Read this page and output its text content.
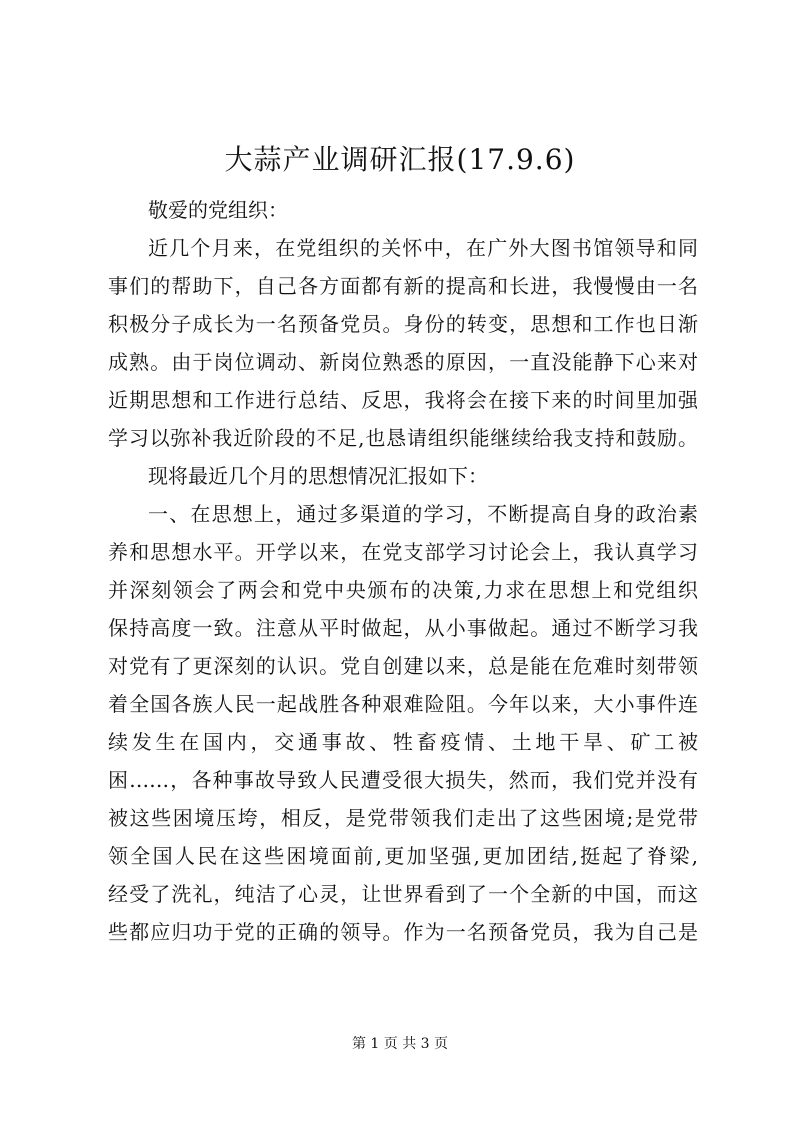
大蒜产业调研汇报(17.9.6)
敬爱的党组织：
近几个月来，在党组织的关怀中，在广外大图书馆领导和同
事们的帮助下，自己各方面都有新的提高和长进，我慢慢由一名
积极分子成长为一名预备党员。身份的转变，思想和工作也日渐
成熟。由于岗位调动、新岗位熟悉的原因，一直没能静下心来对
近期思想和工作进行总结、反思，我将会在接下来的时间里加强
学习以弥补我近阶段的不足,也恳请组织能继续给我支持和鼓励。
现将最近几个月的思想情况汇报如下：
一、在思想上，通过多渠道的学习，不断提高自身的政治素
养和思想水平。开学以来，在党支部学习讨论会上，我认真学习
并深刻领会了两会和党中央颁布的决策,力求在思想上和党组织
保持高度一致。注意从平时做起，从小事做起。通过不断学习我
对党有了更深刻的认识。党自创建以来，总是能在危难时刻带领
着全国各族人民一起战胜各种艰难险阻。今年以来，大小事件连
续发生在国内，交通事故、牲畜疫情、土地干旱、矿工被
困……，各种事故导致人民遭受很大损失，然而，我们党并没有
被这些困境压垮，相反，是党带领我们走出了这些困境;是党带
领全国人民在这些困境面前,更加坚强,更加团结,挺起了脊梁,
经受了洗礼，纯洁了心灵，让世界看到了一个全新的中国，而这
些都应归功于党的正确的领导。作为一名预备党员，我为自己是
第 1 页 共 3 页
